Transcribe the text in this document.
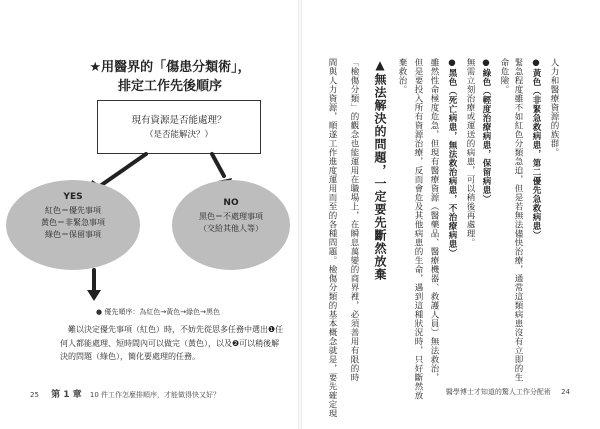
★用醫界的「傷患分類術」，
排定工作先後順序
現有資源是否能處理？
（是否能解決？）
YES
紅色＝優先事項
黃色＝非緊急事項
綠色＝保留事項
NO
黑色＝不處理事項
（交給其他人等）
● 優先順序：為紅色→黃色→綠色→黑色

難以決定優先事項（紅色）時，不妨先從思多任務中選出❶任何人都能處理、短時間內可以做完（黃色），以及❷可以稍後解決的問題（綠色），簡化要處理的任務。

25 第 1 章 10 件工作怎麼排順序，才能做得快又好？
人力和醫療資源的族群。
●黃色（非緊急救病患，第二優先急救病患）
緊急程度雖不如紅色分類急迫，但是若無法儘快治療，通常這類病患沒有立即的生
命危險。
●綠色（輕度治療病患，保留病患）
無需立刻治療或運送的病患，可以稍後再處理。
●黑色（死亡病患，無法救治病患，不治療病患）
雖然性命極度危急，但現有醫療資源（醫藥品、醫療機器、救護人員）無法救治，
但是要投入所有資源治療，反而會危及其他病患的生命，遇到這種狀況時，只好斷然放
棄救治。
▲無法解決的問題，一定要先斷然放棄
「檢傷分類」的觀念也能運用在職場上，在瞬息萬變的商界裡，必須善用有限的時
間與人力資源，順遂工作進度運用而至的各種問題。檢傷分類的基本概念就是，要先確定現	醫學博士才知道的驚人工作分配術 24
